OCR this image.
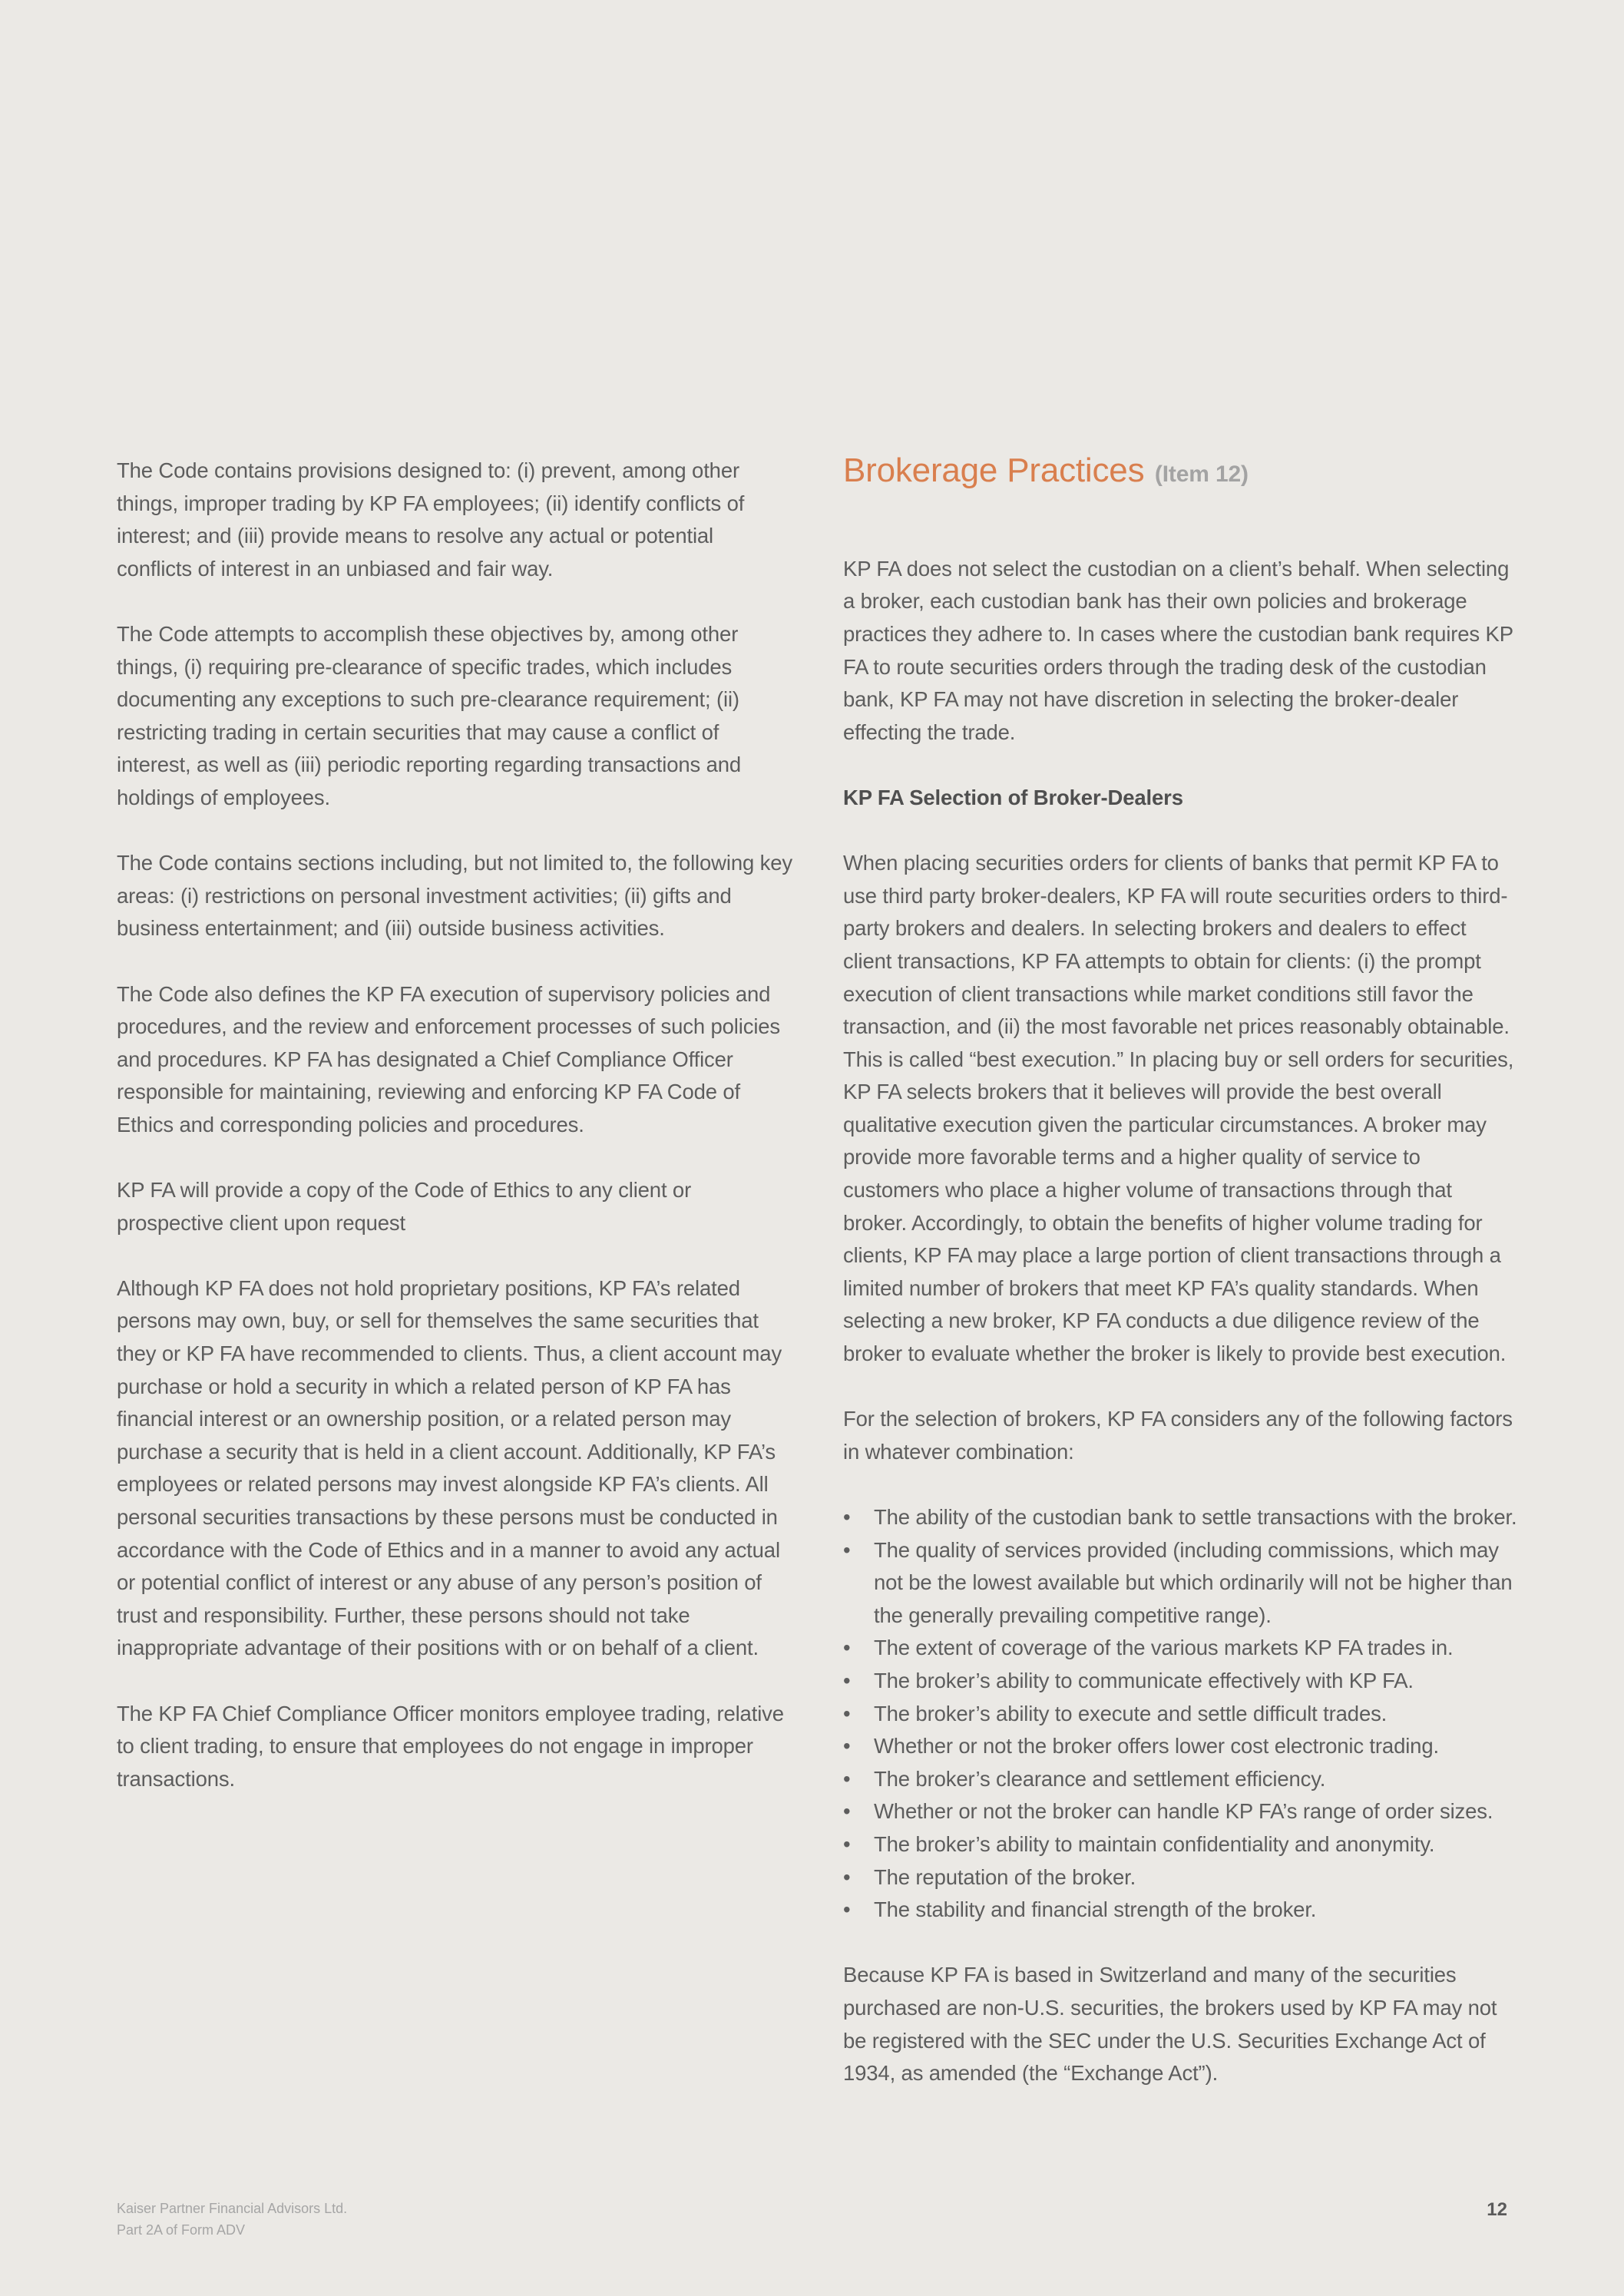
The Code contains provisions designed to: (i) prevent, among other things, improper trading by KP FA employees; (ii) identify conflicts of interest; and (iii) provide means to resolve any actual or potential conflicts of interest in an unbiased and fair way.

The Code attempts to accomplish these objectives by, among other things, (i) requiring pre-clearance of specific trades, which includes documenting any exceptions to such pre-clearance requirement; (ii) restricting trading in certain securities that may cause a conflict of interest, as well as (iii) periodic reporting regarding transactions and holdings of employees.

The Code contains sections including, but not limited to, the following key areas: (i) restrictions on personal investment activities; (ii) gifts and business entertainment; and (iii) outside business activities.

The Code also defines the KP FA execution of supervisory policies and procedures, and the review and enforcement processes of such policies and procedures. KP FA has designated a Chief Compliance Officer responsible for maintaining, reviewing and enforcing KP FA Code of Ethics and corresponding policies and procedures.

KP FA will provide a copy of the Code of Ethics to any client or prospective client upon request

Although KP FA does not hold proprietary positions, KP FA’s related persons may own, buy, or sell for themselves the same securities that they or KP FA have recommended to clients. Thus, a client account may purchase or hold a security in which a related person of KP FA has financial interest or an ownership position, or a related person may purchase a security that is held in a client account. Additionally, KP FA’s employees or related persons may invest alongside KP FA’s clients. All personal securities transactions by these persons must be conducted in accordance with the Code of Ethics and in a manner to avoid any actual or potential conflict of interest or any abuse of any person’s position of trust and responsibility. Further, these persons should not take inappropriate advantage of their positions with or on behalf of a client.

The KP FA Chief Compliance Officer monitors employee trading, relative to client trading, to ensure that employees do not engage in improper transactions.

Brokerage Practices (Item 12)

KP FA does not select the custodian on a client’s behalf. When selecting a broker, each custodian bank has their own policies and brokerage practices they adhere to. In cases where the custodian bank requires KP FA to route securities orders through the trading desk of the custodian bank, KP FA may not have discretion in selecting the broker-dealer effecting the trade.

KP FA Selection of Broker-Dealers

When placing securities orders for clients of banks that permit KP FA to use third party broker-dealers, KP FA will route securities orders to third-party brokers and dealers. In selecting brokers and dealers to effect client transactions, KP FA attempts to obtain for clients: (i) the prompt execution of client transactions while market conditions still favor the transaction, and (ii) the most favorable net prices reasonably obtainable. This is called “best execution.” In placing buy or sell orders for securities, KP FA selects brokers that it believes will provide the best overall qualitative execution given the particular circumstances. A broker may provide more favorable terms and a higher quality of service to customers who place a higher volume of transactions through that broker. Accordingly, to obtain the benefits of higher volume trading for clients, KP FA may place a large portion of client transactions through a limited number of brokers that meet KP FA’s quality standards. When selecting a new broker, KP FA conducts a due diligence review of the broker to evaluate whether the broker is likely to provide best execution.

For the selection of brokers, KP FA considers any of the following factors in whatever combination:

• The ability of the custodian bank to settle transactions with the broker.
• The quality of services provided (including commissions, which may not be the lowest available but which ordinarily will not be higher than the generally prevailing competitive range).
• The extent of coverage of the various markets KP FA trades in.
• The broker’s ability to communicate effectively with KP FA.
• The broker’s ability to execute and settle difficult trades.
• Whether or not the broker offers lower cost electronic trading.
• The broker’s clearance and settlement efficiency.
• Whether or not the broker can handle KP FA’s range of order sizes.
• The broker’s ability to maintain confidentiality and anonymity.
• The reputation of the broker.
• The stability and financial strength of the broker.

Because KP FA is based in Switzerland and many of the securities purchased are non-U.S. securities, the brokers used by KP FA may not be registered with the SEC under the U.S. Securities Exchange Act of 1934, as amended (the “Exchange Act”).

Kaiser Partner Financial Advisors Ltd.
Part 2A of Form ADV
12
